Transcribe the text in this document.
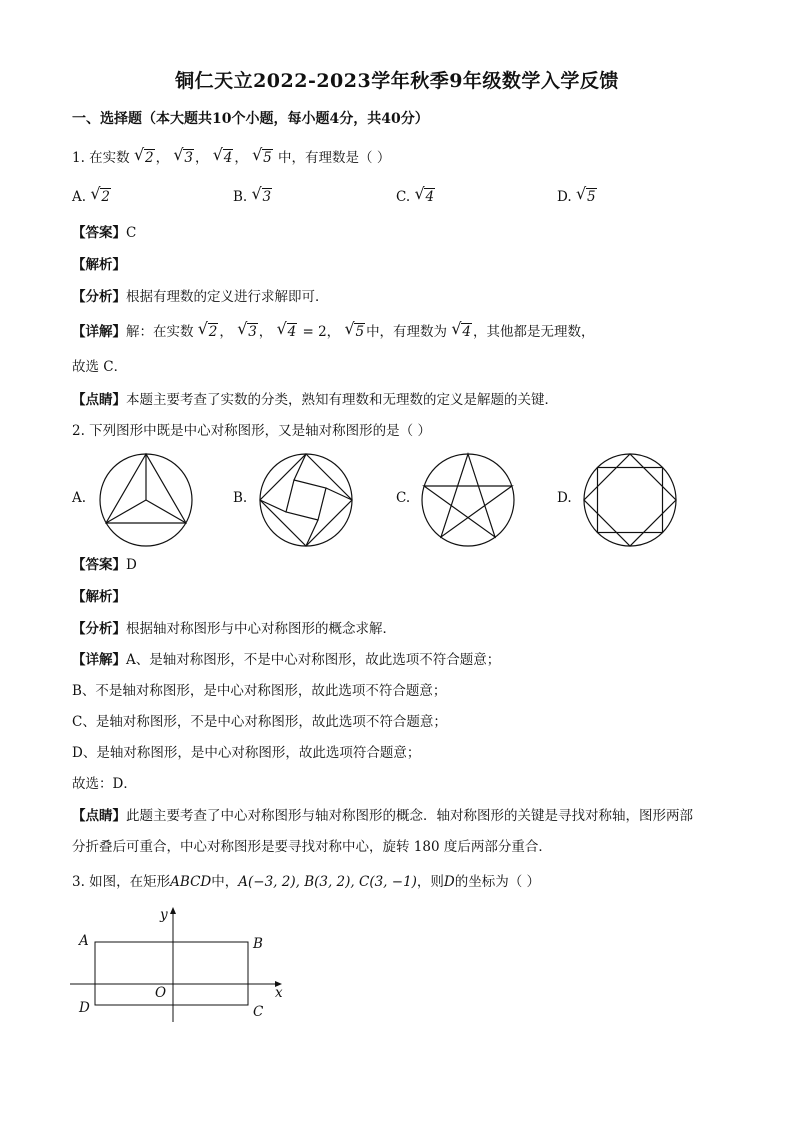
铜仁天立2022-2023学年秋季9年级数学入学反馈
一、选择题（本大题共10个小题，每小题4分，共40分）
1. 在实数 √ 2 ， √ 3 ， √ 4 ， √ 5 中，有理数是（ ）
A. √ 2	B. √ 3	C. √ 4	D. √ 5
【答案】C
【解析】
【分析】根据有理数的定义进行求解即可．
【详解】解：在实数 √ 2 ， √ 3 ， √ 4 = 2， √ 5 中，有理数为 √ 4 ，其他都是无理数，
故选 C．
【点睛】本题主要考查了实数的分类，熟知有理数和无理数的定义是解题的关键．
2. 下列图形中既是中心对称图形，又是轴对称图形的是（ ）
A.	B.	C.	D.
【答案】D
【解析】
【分析】根据轴对称图形与中心对称图形的概念求解．
【详解】A、是轴对称图形，不是中心对称图形，故此选项不符合题意；
B、不是轴对称图形，是中心对称图形，故此选项不符合题意；
C、是轴对称图形，不是中心对称图形，故此选项不符合题意；
D、是轴对称图形，是中心对称图形，故此选项符合题意；
故选：D．
【点睛】此题主要考查了中心对称图形与轴对称图形的概念．轴对称图形的关键是寻找对称轴，图形两部
分折叠后可重合，中心对称图形是要寻找对称中心，旋转 180 度后两部分重合．
3. 如图，在矩形ABCD中，A(−3, 2), B(3, 2), C(3, −1)，则D的坐标为（ ）
A	B
C
D
O	x
y
